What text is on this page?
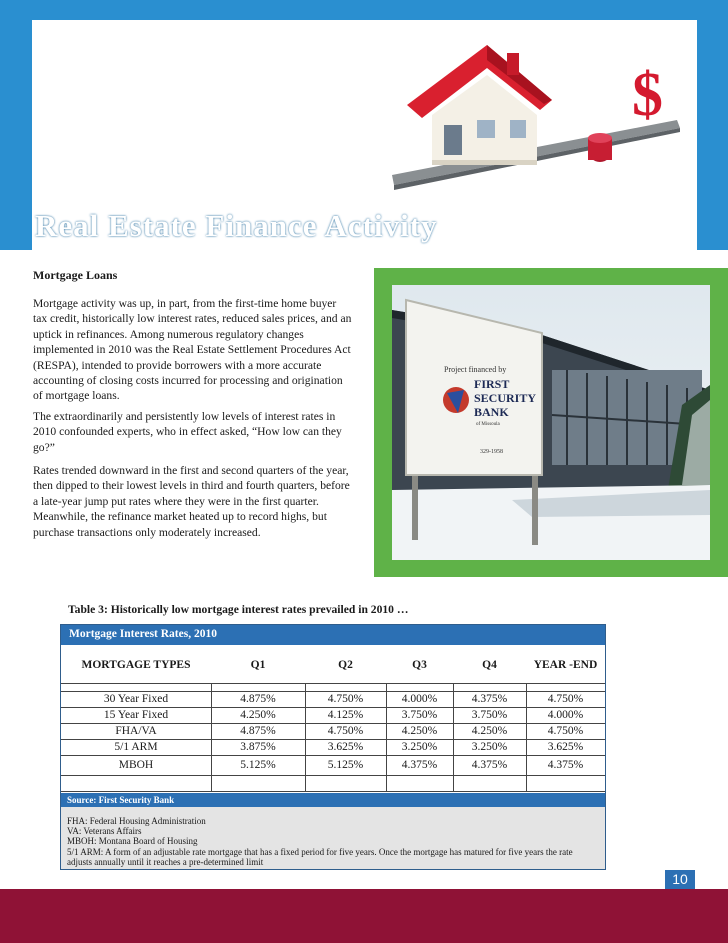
$
Real Estate Finance Activity
Mortgage Loans
Mortgage activity was up, in part, from the first-time home buyer tax credit, historically low interest rates, reduced sales prices, and an uptick in refinances. Among numerous regulatory changes implemented in 2010 was the Real Estate Settlement Procedures Act (RESPA), intended to provide borrowers with a more accurate accounting of closing costs incurred for processing and origination of mortgage loans.
The extraordinarily and persistently low levels of interest rates in 2010 confounded experts, who in effect asked, “How low can they go?”
Rates trended downward in the first and second quarters of the year, then dipped to their lowest levels in third and fourth quarters, before a late-year jump put rates where they were in the first quarter. Meanwhile, the refinance market heated up to record highs, but purchase transactions only moderately increased.
Project financed by
FIRST
SECURITY
BANK
of Missoula
329-1958
Table 3: Historically low mortgage interest rates prevailed in 2010 …
Mortgage Interest Rates, 2010
MORTGAGE TYPES	Q1	Q2	Q3	Q4	YEAR -END
30 Year Fixed	4.875%	4.750%	4.000%	4.375%	4.750%
15 Year Fixed	4.250%	4.125%	3.750%	3.750%	4.000%
FHA/VA	4.875%	4.750%	4.250%	4.250%	4.750%
5/1 ARM	3.875%	3.625%	3.250%	3.250%	3.625%
MBOH	5.125%	5.125%	4.375%	4.375%	4.375%
Source: First Security Bank
FHA: Federal Housing Administration
VA: Veterans Affairs
MBOH: Montana Board of Housing
5/1 ARM: A form of an adjustable rate mortgage that has a fixed period for five years. Once the mortgage has matured for five years the rate adjusts annually until it reaches a pre-determined limit
10
